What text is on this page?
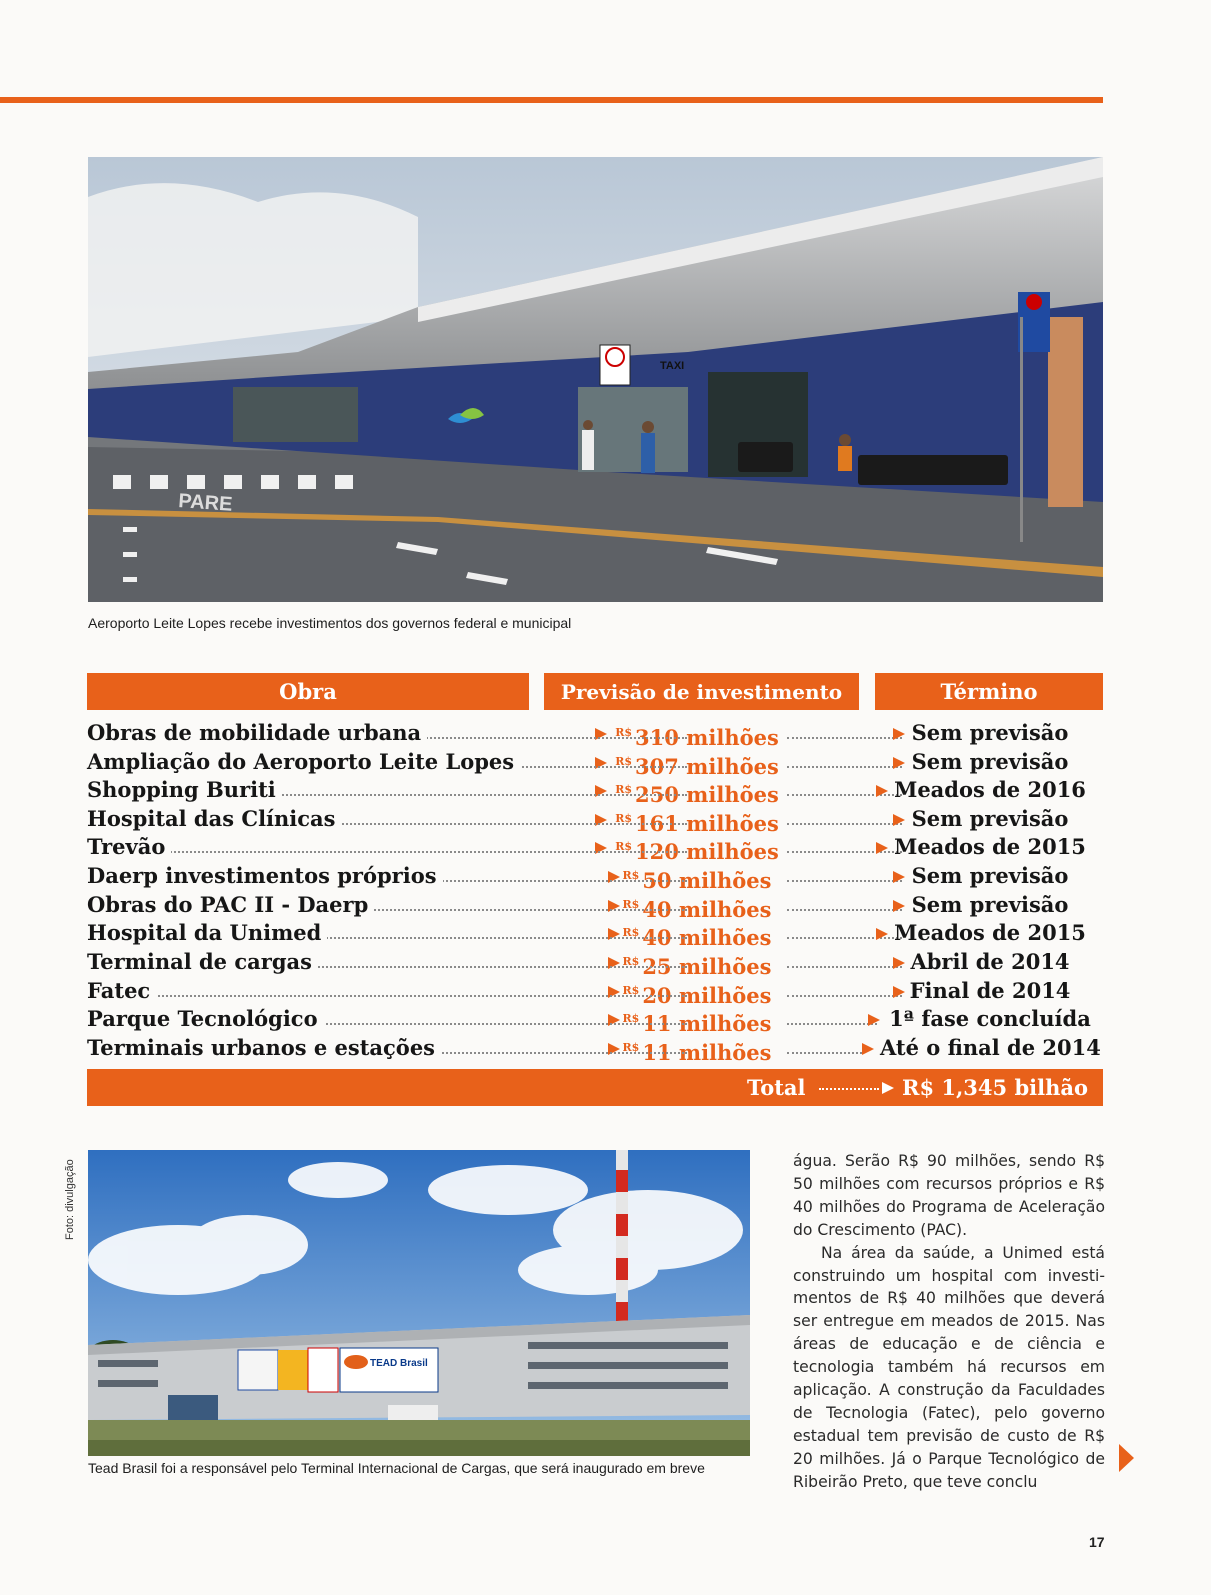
PARE
TAXI
Aeroporto Leite Lopes recebe investimentos dos governos federal e municipal
Obra	Previsão de investimento	Término
Obras de mobilidade urbana	$^{R\$}$ 310 milhões	Sem previsão
Ampliação do Aeroporto Leite Lopes	$^{R\$}$ 307 milhões	Sem previsão
Shopping Buriti	$^{R\$}$ 250 milhões	Meados de 2016
Hospital das Clínicas	$^{R\$}$ 161 milhões	Sem previsão
Trevão	$^{R\$}$ 120 milhões	Meados de 2015
Daerp investimentos próprios	$^{R\$}$ 50 milhões	Sem previsão
Obras do PAC II - Daerp	$^{R\$}$ 40 milhões	Sem previsão
Hospital da Unimed	$^{R\$}$ 40 milhões	Meados de 2015
Terminal de cargas	$^{R\$}$ 25 milhões	Abril de 2014
Fatec	$^{R\$}$ 20 milhões	Final de 2014
Parque Tecnológico	$^{R\$}$ 11 milhões	1ª fase concluída
Terminais urbanos e estações	$^{R\$}$ 11 milhões	Até o final de 2014
Total	R$ 1,345 bilhão
Foto: divulgação
TEAD Brasil
Tead Brasil foi a responsável pelo Terminal Internacional de Cargas, que será inaugurado em breve

água. Serão R$ 90 milhões, sendo R$ 50 milhões com recursos próprios e R$ 40 milhões do Programa de Aceleração do Crescimento (PAC).

Na área da saúde, a Unimed está construindo um hospital com investimentos de R$ 40 milhões que deverá ser entregue em meados de 2015. Nas áreas de educação e de ciência e tecnologia também há recursos em aplicação. A construção da Faculdades de Tecnologia (Fatec), pelo governo estadual tem previsão de custo de R$ 20 milhões. Já o Parque Tecnológico de Ribeirão Preto, que teve conclu

17
